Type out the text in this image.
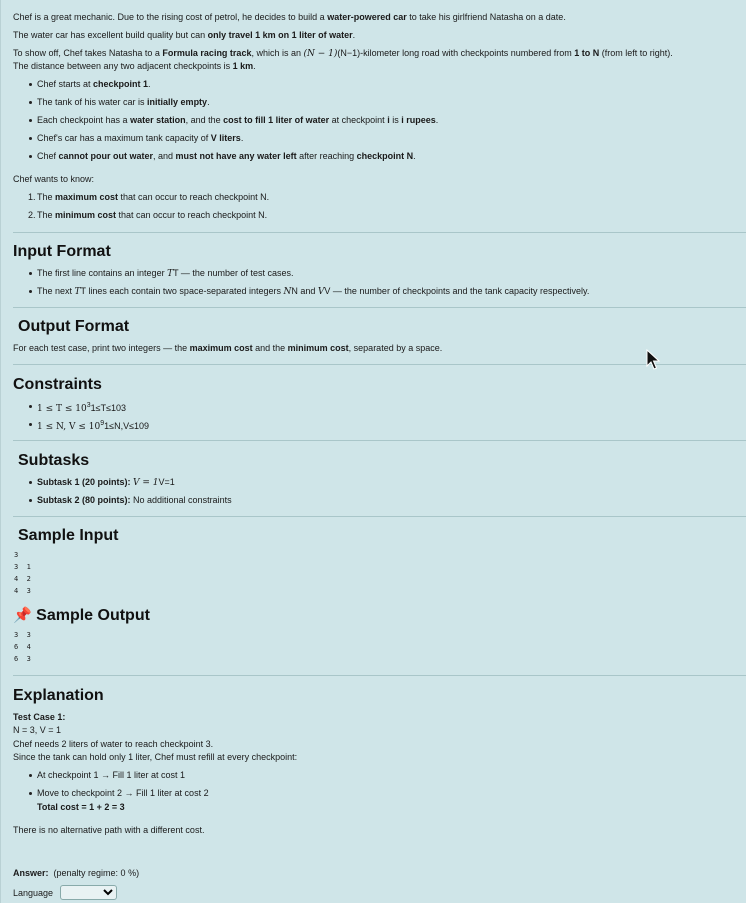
Chef is a great mechanic. Due to the rising cost of petrol, he decides to build a water-powered car to take his girlfriend Natasha on a date.
The water car has excellent build quality but can only travel 1 km on 1 liter of water.
To show off, Chef takes Natasha to a Formula racing track, which is an (N − 1)(N−1)-kilometer long road with checkpoints numbered from 1 to N (from left to right).
The distance between any two adjacent checkpoints is 1 km.
Chef starts at checkpoint 1.
The tank of his water car is initially empty.
Each checkpoint has a water station, and the cost to fill 1 liter of water at checkpoint i is i rupees.
Chef's car has a maximum tank capacity of V liters.
Chef cannot pour out water, and must not have any water left after reaching checkpoint N.
Chef wants to know:
1. The maximum cost that can occur to reach checkpoint N.
2. The minimum cost that can occur to reach checkpoint N.
Input Format
The first line contains an integer TT — the number of test cases.
The next TT lines each contain two space-separated integers NN and VV — the number of checkpoints and the tank capacity respectively.
Output Format
For each test case, print two integers — the maximum cost and the minimum cost, separated by a space.
Constraints
$1 \le T \le 10^31\le T\le 103$
1 ≤ N, $V \le 10^91\le N,V\le 109$
Subtasks
Subtask 1 (20 points): V = 1V=1
Subtask 2 (80 points): No additional constraints
Sample Input
3
3  1
4  2
4  3
📌 Sample Output
3  3
6  4
6  3
Explanation
Test Case 1:
N = 3, V = 1
Chef needs 2 liters of water to reach checkpoint 3.
Since the tank can hold only 1 liter, Chef must refill at every checkpoint:
At checkpoint 1 → Fill 1 liter at cost 1
Move to checkpoint 2 → Fill 1 liter at cost 2
Total cost = 1 + 2 = 3
There is no alternative path with a different cost.
Answer: (penalty regime: 0 %)
Language
